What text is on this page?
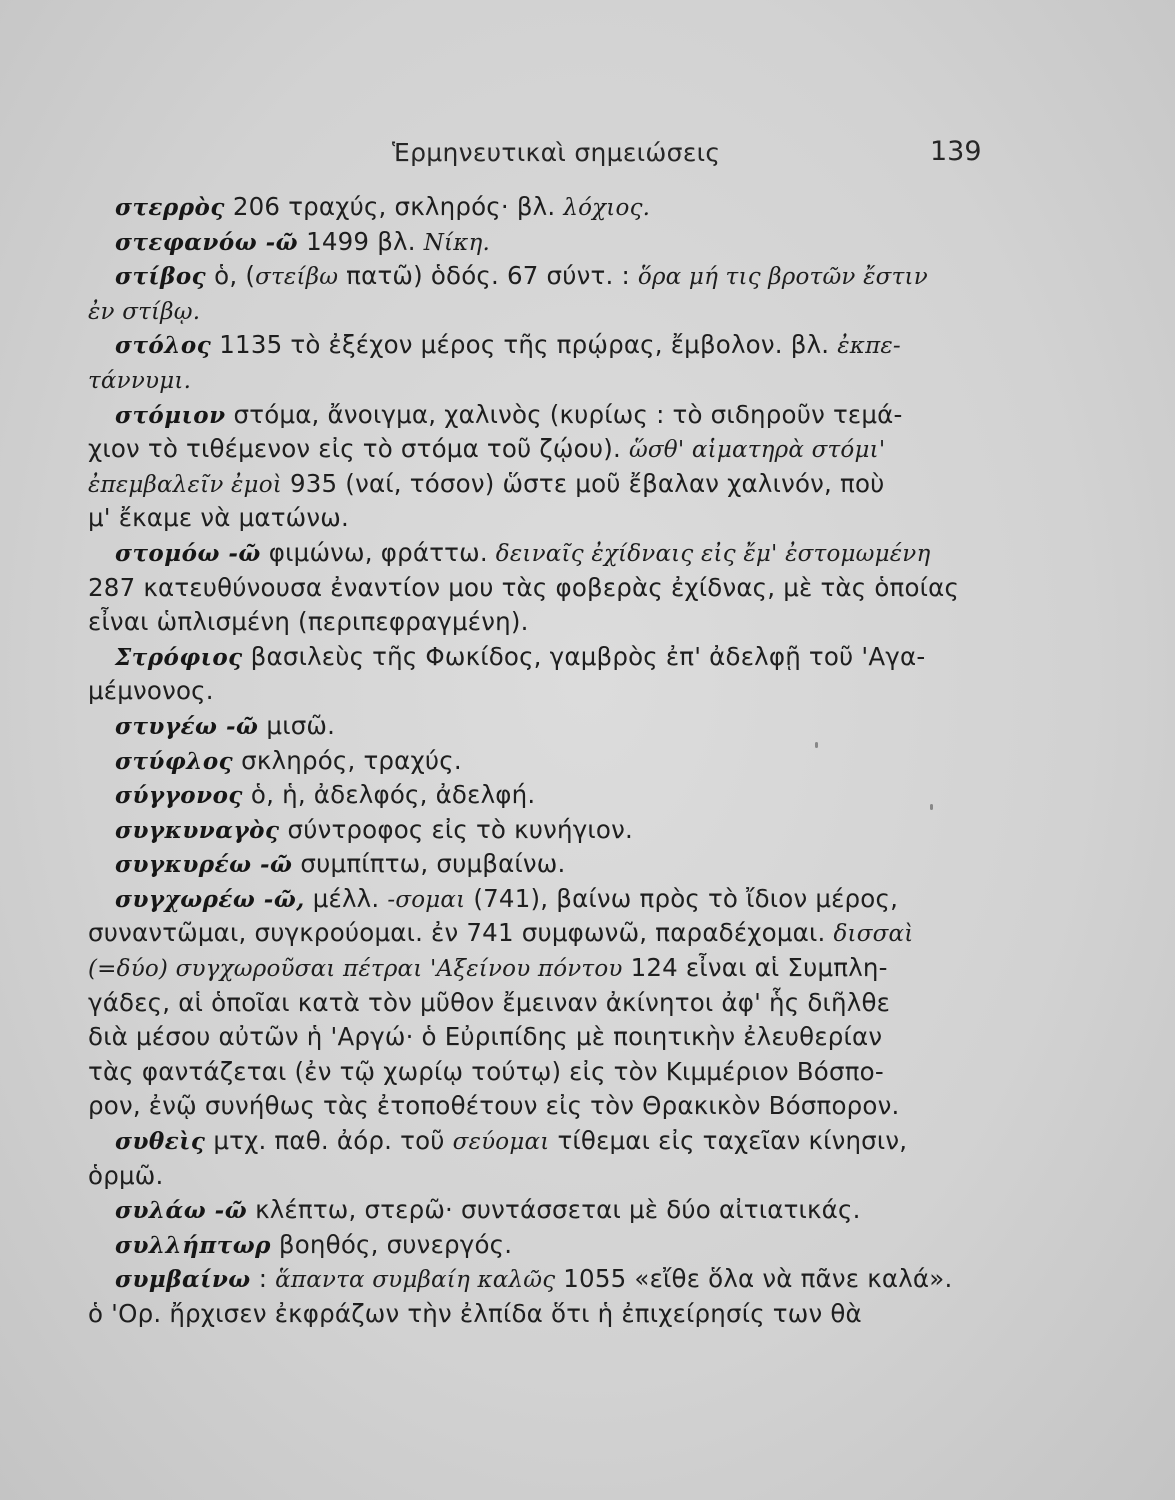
Ἑρμηνευτικαὶ σημειώσεις	139
στερρὸς 206 τραχύς, σκληρός· βλ. λόχιος.
στεφανόω -ῶ 1499 βλ. Νίκη.
στίβος ὁ, (στείβω πατῶ) ὁδός. 67 σύντ. : ὅρα μή τις βροτῶν ἔστιν
ἐν στίβῳ.
στόλος 1135 τὸ ἐξέχον μέρος τῆς πρῴρας, ἔμβολον. βλ. ἐκπε-
τάννυμι.
στόμιον στόμα, ἄνοιγμα, χαλινὸς (κυρίως : τὸ σιδηροῦν τεμά-
χιον τὸ τιθέμενον εἰς τὸ στόμα τοῦ ζῴου). ὥσθ' αἱματηρὰ στόμι'
ἐπεμβαλεῖν ἐμοὶ 935 (ναί, τόσον) ὥστε μοῦ ἔβαλαν χαλινόν, ποὺ
μ' ἔκαμε νὰ ματώνω.
στομόω -ῶ φιμώνω, φράττω. δειναῖς ἐχίδναις εἰς ἔμ' ἐστομωμένη
287 κατευθύνουσα ἐναντίον μου τὰς φοβερὰς ἐχίδνας, μὲ τὰς ὁποίας
εἶναι ὡπλισμένη (περιπεφραγμένη).
Στρόφιος βασιλεὺς τῆς Φωκίδος, γαμβρὸς ἐπ' ἀδελφῇ τοῦ 'Αγα-
μέμνονος.
στυγέω -ῶ μισῶ.
στύφλος σκληρός, τραχύς.
σύγγονος ὁ, ἡ, ἀδελφός, ἀδελφή.
συγκυναγὸς σύντροφος εἰς τὸ κυνήγιον.
συγκυρέω -ῶ συμπίπτω, συμβαίνω.
συγχωρέω -ῶ, μέλλ. -σομαι (741), βαίνω πρὸς τὸ ἴδιον μέρος,
συναντῶμαι, συγκρούομαι. ἐν 741 συμφωνῶ, παραδέχομαι. δισσαὶ
(=δύο) συγχωροῦσαι πέτραι 'Αξείνου πόντου 124 εἶναι αἱ Συμπλη-
γάδες, αἱ ὁποῖαι κατὰ τὸν μῦθον ἔμειναν ἀκίνητοι ἀφ' ἧς διῆλθε
διὰ μέσου αὐτῶν ἡ 'Αργώ· ὁ Εὐριπίδης μὲ ποιητικὴν ἐλευθερίαν
τὰς φαντάζεται (ἐν τῷ χωρίῳ τούτῳ) εἰς τὸν Κιμμέριον Βόσπο-
ρον, ἐνῷ συνήθως τὰς ἐτοποθέτουν εἰς τὸν Θρακικὸν Βόσπορον.
συθεὶς μτχ. παθ. ἀόρ. τοῦ σεύομαι τίθεμαι εἰς ταχεῖαν κίνησιν,
ὁρμῶ.
συλάω -ῶ κλέπτω, στερῶ· συντάσσεται μὲ δύο αἰτιατικάς.
συλλήπτωρ βοηθός, συνεργός.
συμβαίνω : ἅπαντα συμβαίη καλῶς 1055 «εἴθε ὅλα νὰ πᾶνε καλά».
ὁ 'Ορ. ἤρχισεν ἐκφράζων τὴν ἐλπίδα ὅτι ἡ ἐπιχείρησίς των θὰ
